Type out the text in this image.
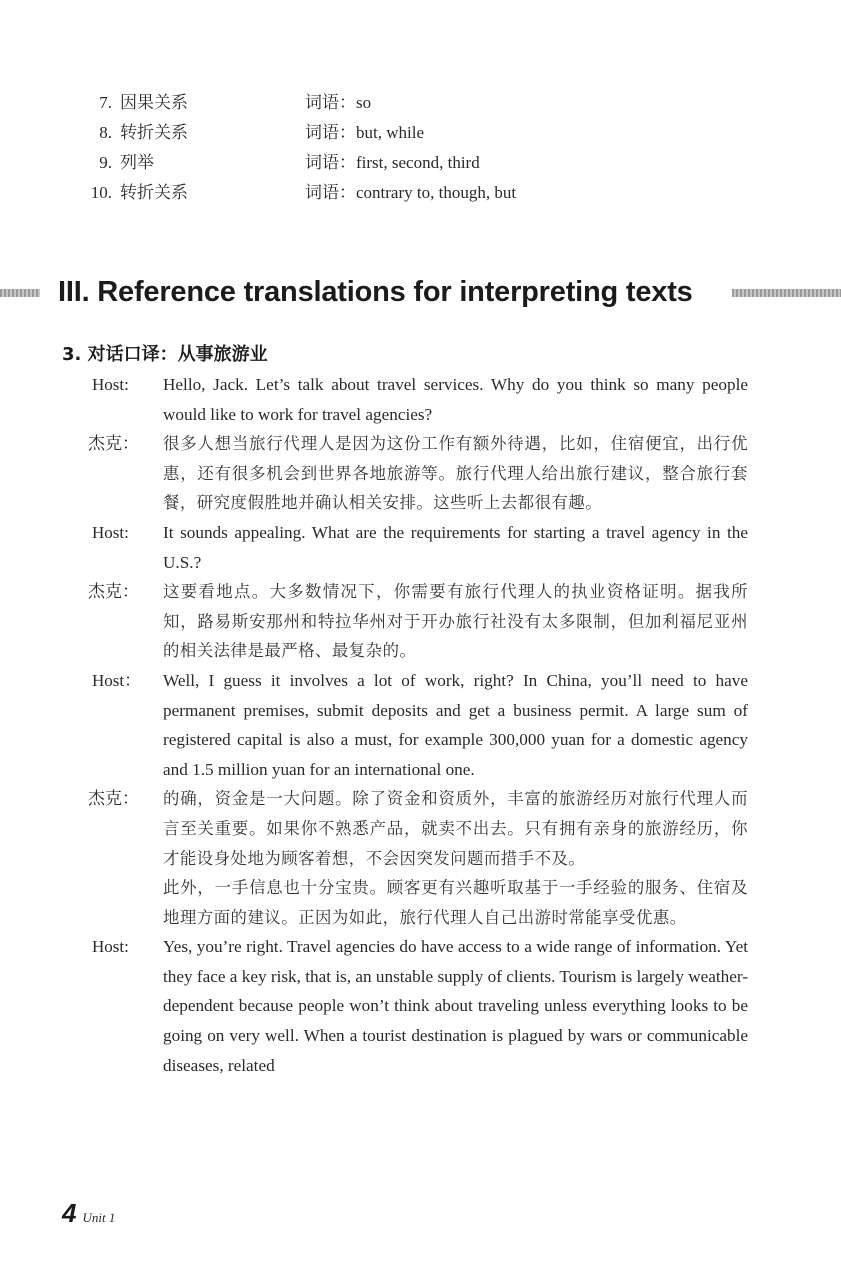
7. 因果关系	词语：so
8. 转折关系	词语：but, while
9. 列举	词语：first, second, third
10. 转折关系	词语：contrary to, though, but
III. Reference translations for interpreting texts
3. 对话口译：从事旅游业
Host:	Hello, Jack. Let’s talk about travel services. Why do you think so many people would like to work for travel agencies?
杰克：	很多人想当旅行代理人是因为这份工作有额外待遇，比如，住宿便宜，出行优惠，还有很多机会到世界各地旅游等。旅行代理人给出旅行建议，整合旅行套餐，研究度假胜地并确认相关安排。这些听上去都很有趣。
Host:	It sounds appealing. What are the requirements for starting a travel agency in the U.S.?
杰克：	这要看地点。大多数情况下，你需要有旅行代理人的执业资格证明。据我所知，路易斯安那州和特拉华州对于开办旅行社没有太多限制，但加利福尼亚州的相关法律是最严格、最复杂的。
Host：	Well, I guess it involves a lot of work, right? In China, you’ll need to have permanent premises, submit deposits and get a business permit. A large sum of registered capital is also a must, for example 300,000 yuan for a domestic agency and 1.5 million yuan for an international one.
杰克：	的确，资金是一大问题。除了资金和资质外，丰富的旅游经历对旅行代理人而言至关重要。如果你不熟悉产品，就卖不出去。只有拥有亲身的旅游经历，你才能设身处地为顾客着想，不会因突发问题而措手不及。
此外，一手信息也十分宝贵。顾客更有兴趣听取基于一手经验的服务、住宿及地理方面的建议。正因为如此，旅行代理人自己出游时常能享受优惠。
Host:	Yes, you’re right. Travel agencies do have access to a wide range of information. Yet they face a key risk, that is, an unstable supply of clients. Tourism is largely weather-dependent because people won’t think about traveling unless everything looks to be going on very well. When a tourist destination is plagued by wars or communicable diseases, related
4 Unit 1
